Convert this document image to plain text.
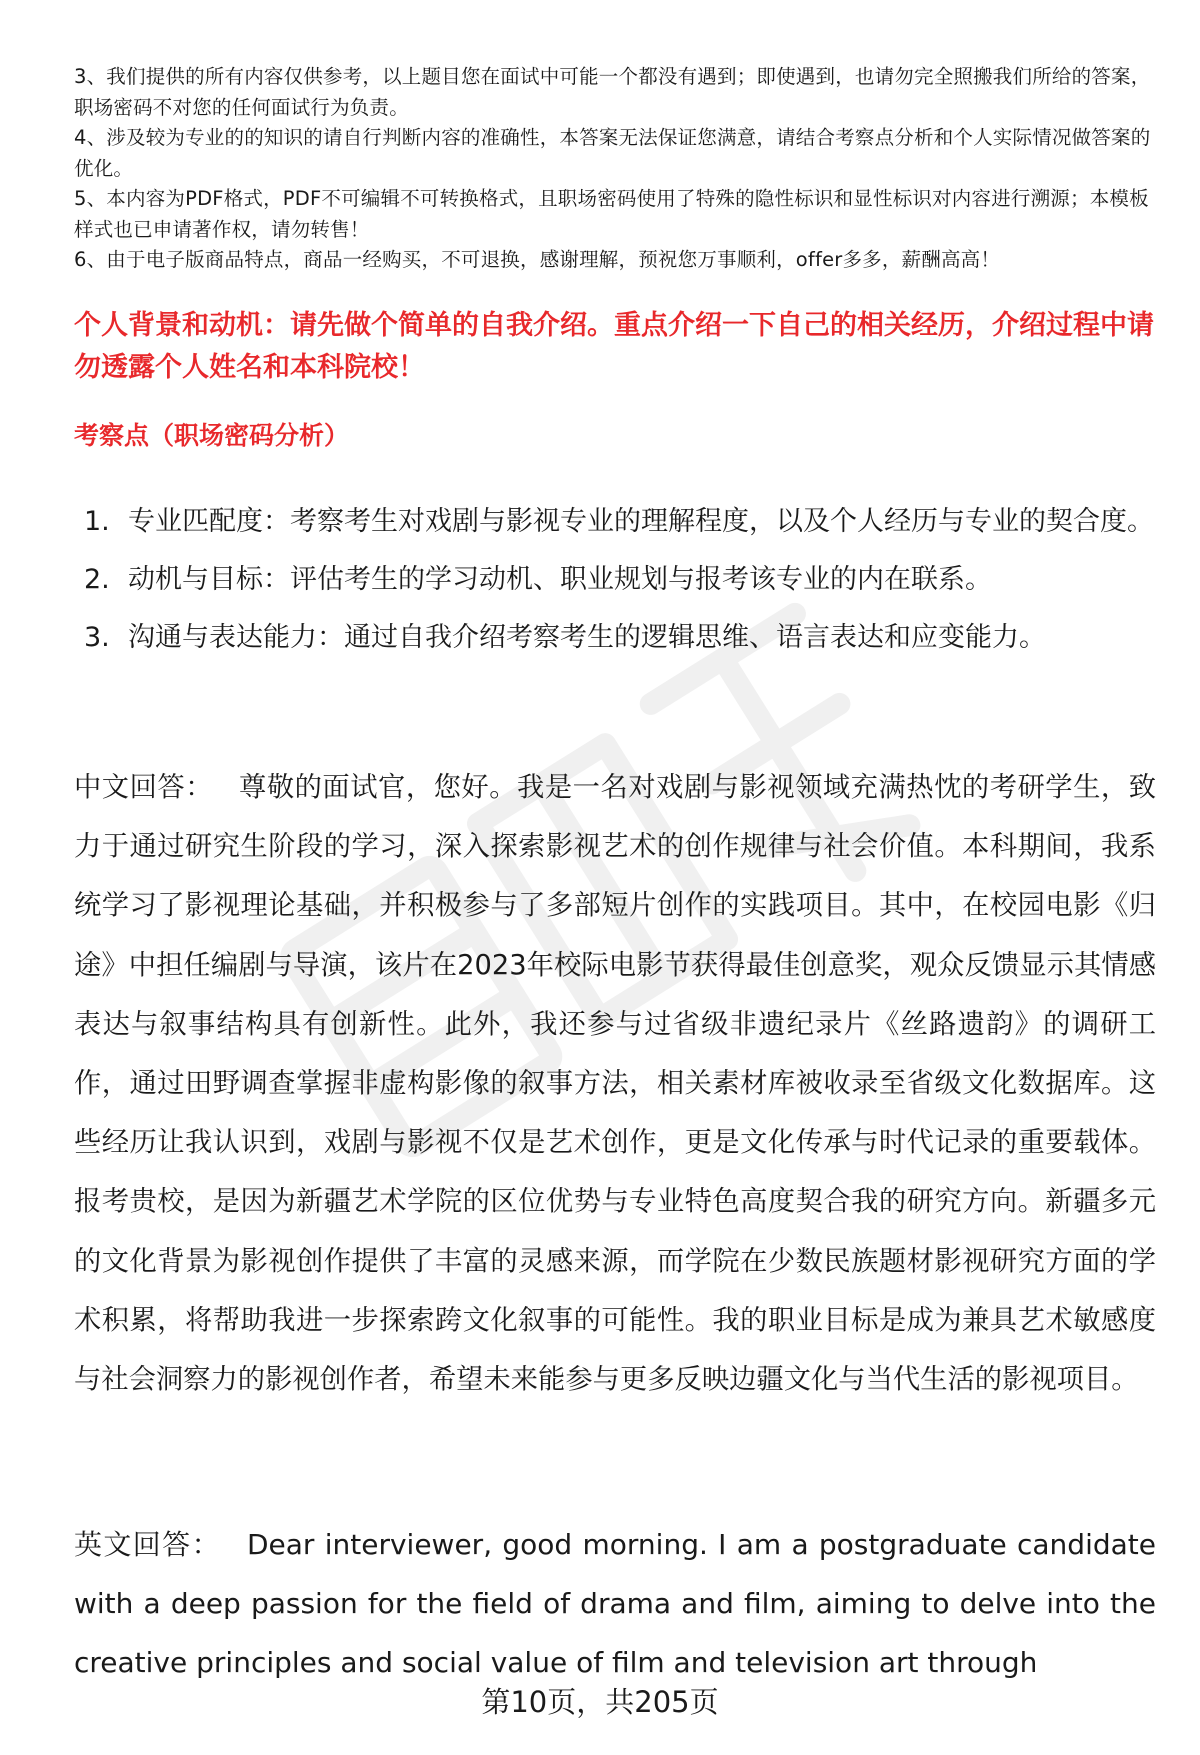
3、我们提供的所有内容仅供参考，以上题目您在面试中可能一个都没有遇到；即使遇到，也请勿完全照搬我们所给的答案，职场密码不对您的任何面试行为负责。
4、涉及较为专业的的知识的请自行判断内容的准确性，本答案无法保证您满意，请结合考察点分析和个人实际情况做答案的优化。
5、本内容为PDF格式，PDF不可编辑不可转换格式，且职场密码使用了特殊的隐性标识和显性标识对内容进行溯源；本模板样式也已申请著作权，请勿转售！
6、由于电子版商品特点，商品一经购买，不可退换，感谢理解，预祝您万事顺利，offer多多，薪酬高高！

个人背景和动机：请先做个简单的自我介绍。重点介绍一下自己的相关经历，介绍过程中请勿透露个人姓名和本科院校！

考察点（职场密码分析）

1. 专业匹配度：考察考生对戏剧与影视专业的理解程度，以及个人经历与专业的契合度。
2. 动机与目标：评估考生的学习动机、职业规划与报考该专业的内在联系。
3. 沟通与表达能力：通过自我介绍考察考生的逻辑思维、语言表达和应变能力。

中文回答： 尊敬的面试官，您好。我是一名对戏剧与影视领域充满热忱的考研学生，致力于通过研究生阶段的学习，深入探索影视艺术的创作规律与社会价值。本科期间，我系统学习了影视理论基础，并积极参与了多部短片创作的实践项目。其中，在校园电影《归途》中担任编剧与导演，该片在2023年校际电影节获得最佳创意奖，观众反馈显示其情感表达与叙事结构具有创新性。此外，我还参与过省级非遗纪录片《丝路遗韵》的调研工作，通过田野调查掌握非虚构影像的叙事方法，相关素材库被收录至省级文化数据库。这些经历让我认识到，戏剧与影视不仅是艺术创作，更是文化传承与时代记录的重要载体。报考贵校，是因为新疆艺术学院的区位优势与专业特色高度契合我的研究方向。新疆多元的文化背景为影视创作提供了丰富的灵感来源，而学院在少数民族题材影视研究方面的学术积累，将帮助我进一步探索跨文化叙事的可能性。我的职业目标是成为兼具艺术敏感度与社会洞察力的影视创作者，希望未来能参与更多反映边疆文化与当代生活的影视项目。

英文回答： Dear interviewer, good morning. I am a postgraduate candidate with a deep passion for the field of drama and film, aiming to delve into the creative principles and social value of film and television art through

第10页，共205页
